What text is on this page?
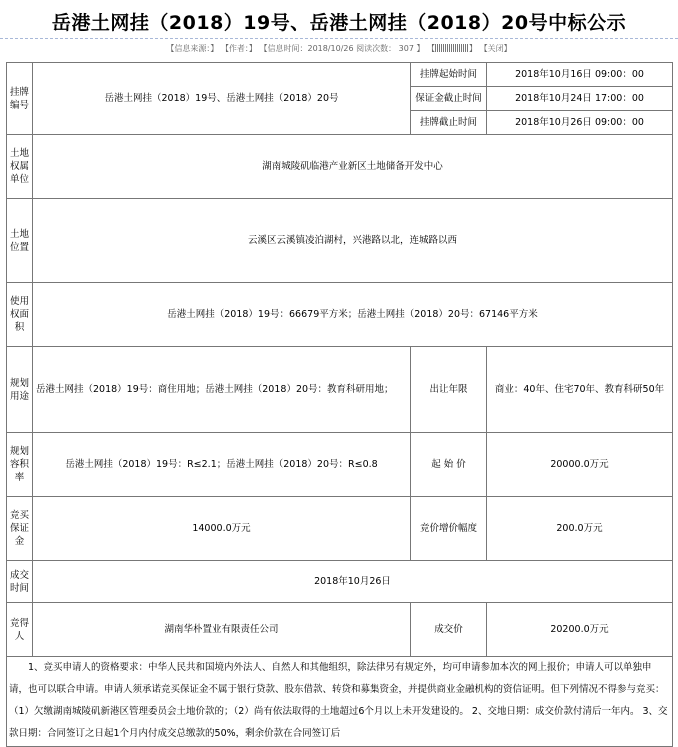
岳港土网挂（2018）19号、岳港土网挂（2018）20号中标公示
【信息来源：】 【作者：】 【信息时间：2018/10/26 阅读次数： 307 】 【	】 【关闭】
挂牌编号	岳港土网挂（2018）19号、岳港土网挂（2018）20号	挂牌起始时间	2018年10月16日 09:00：00
		保证金截止时间	2018年10月24日 17:00：00
		挂牌截止时间	2018年10月26日 09:00：00
土地权属单位	湖南城陵矶临港产业新区土地储备开发中心		
土地位置	云溪区云溪镇凌泊湖村，兴港路以北，连城路以西		
使用权面积	岳港土网挂（2018）19号：66679平方米；岳港土网挂（2018）20号：67146平方米		
规划用途	岳港土网挂（2018）19号：商住用地；岳港土网挂（2018）20号：教育科研用地；	出让年限	商业：40年、住宅70年、教育科研50年
规划容积率	岳港土网挂（2018）19号：R≤2.1；岳港土网挂（2018）20号：R≤0.8	起 始 价	20000.0万元
竞买保证金	14000.0万元	竞价增价幅度	200.0万元
成交时间	2018年10月26日		
竞得人	湖南华朴置业有限责任公司	成交价	20200.0万元
1、竞买申请人的资格要求：中华人民共和国境内外法人、自然人和其他组织，除法律另有规定外，均可申请参加本次的网上报价；申请人可以单独申请，也可以联合申请。申请人须承诺竞买保证金不属于银行贷款、股东借款、转贷和募集资金，并提供商业金融机构的资信证明。但下列情况不得参与竞买：（1）欠缴湖南城陵矶新港区管理委员会土地价款的；（2）尚有依法取得的土地超过6个月以上未开发建设的。 2、交地日期：成交价款付清后一年内。 3、交款日期：合同签订之日起1个月内付成交总缴款的50%，剩余价款在合同签订后			
